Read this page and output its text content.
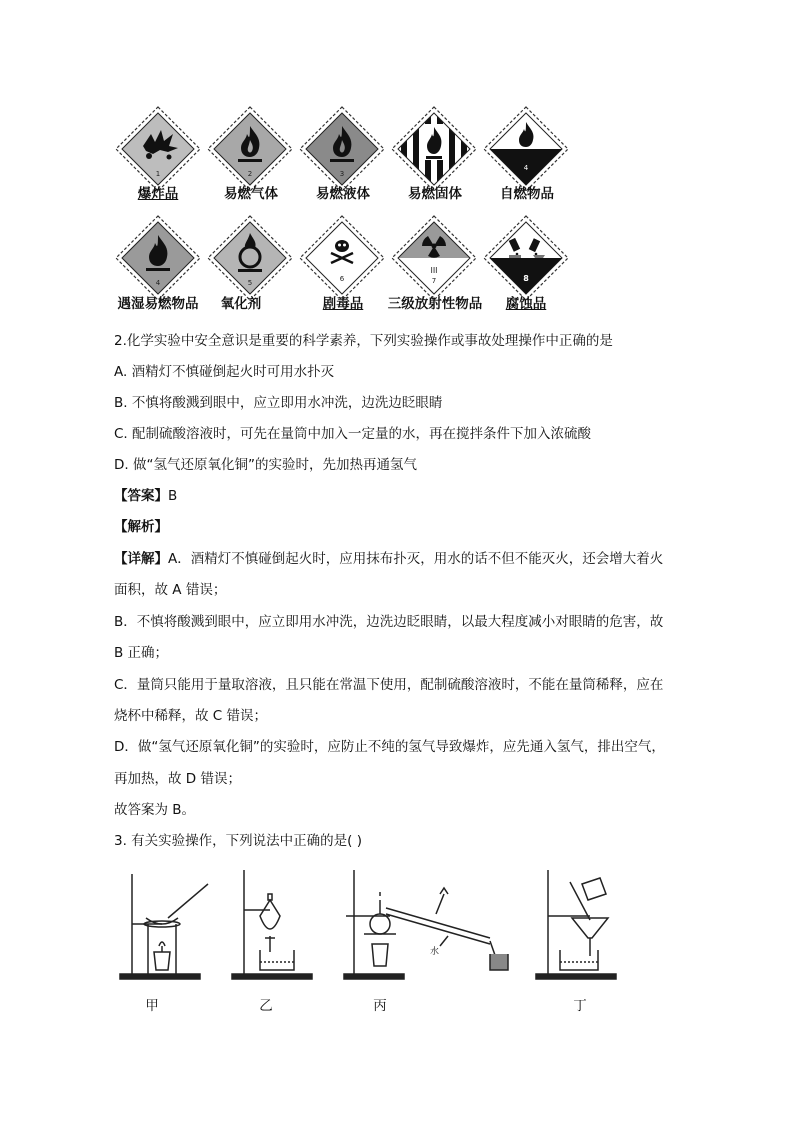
1
爆炸品
2
易燃气体
3
易燃液体	易燃固体
4
自燃物品
4
遇湿易燃物品
5
氧化剂
6
剧毒品
III
7
三级放射性物品
8
腐蚀品
2.化学实验中安全意识是重要的科学素养，下列实验操作或事故处理操作中正确的是
A. 酒精灯不慎碰倒起火时可用水扑灭
B. 不慎将酸溅到眼中，应立即用水冲洗，边洗边眨眼睛
C. 配制硫酸溶液时，可先在量筒中加入一定量的水，再在搅拌条件下加入浓硫酸
D. 做“氢气还原氧化铜”的实验时，先加热再通氢气
【答案】B
【解析】
【详解】A．酒精灯不慎碰倒起火时，应用抹布扑灭，用水的话不但不能灭火，还会增大着火
面积，故 A 错误；
B．不慎将酸溅到眼中，应立即用水冲洗，边洗边眨眼睛，以最大程度减小对眼睛的危害，故
B 正确；
C．量筒只能用于量取溶液，且只能在常温下使用，配制硫酸溶液时，不能在量筒稀释，应在
烧杯中稀释，故 C 错误；
D．做“氢气还原氧化铜”的实验时，应防止不纯的氢气导致爆炸，应先通入氢气，排出空气，
再加热，故 D 错误；
故答案为 B。
3. 有关实验操作，下列说法中正确的是( )
甲	乙
水
丙	丁
